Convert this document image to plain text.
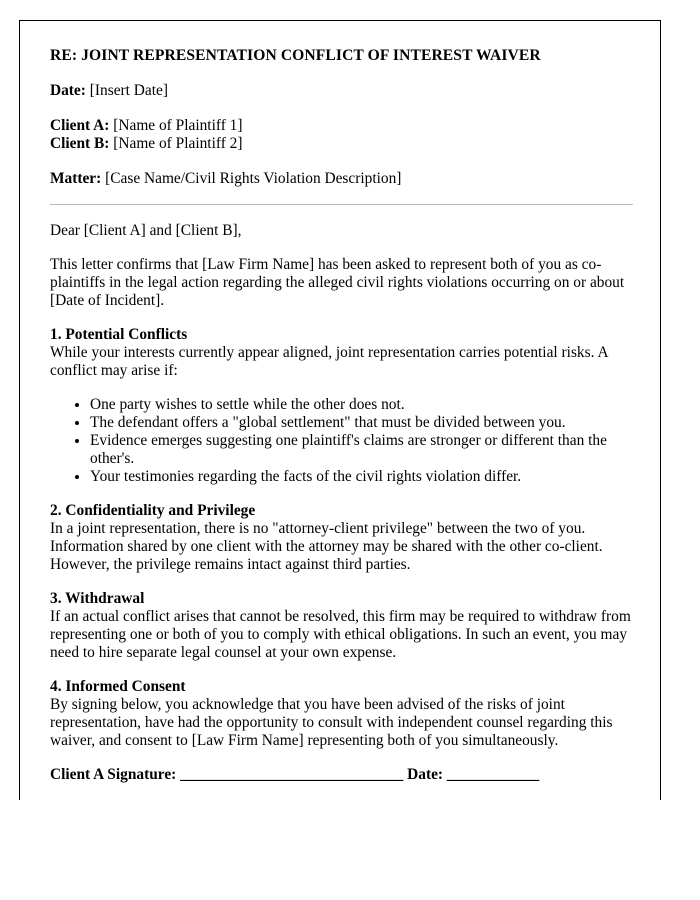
RE: JOINT REPRESENTATION CONFLICT OF INTEREST WAIVER

Date: [Insert Date]

Client A: [Name of Plaintiff 1]

Client B: [Name of Plaintiff 2]

Matter: [Case Name/Civil Rights Violation Description]

Dear [Client A] and [Client B],

This letter confirms that [Law Firm Name] has been asked to represent both of you as co-plaintiffs in the legal action regarding the alleged civil rights violations occurring on or about [Date of Incident].

1. Potential Conflicts
While your interests currently appear aligned, joint representation carries potential risks. A conflict may arise if:
• One party wishes to settle while the other does not.
• The defendant offers a "global settlement" that must be divided between you.
• Evidence emerges suggesting one plaintiff's claims are stronger or different than the other's.
• Your testimonies regarding the facts of the civil rights violation differ.
2. Confidentiality and Privilege
In a joint representation, there is no "attorney-client privilege" between the two of you. Information shared by one client with the attorney may be shared with the other co-client. However, the privilege remains intact against third parties.
3. Withdrawal
If an actual conflict arises that cannot be resolved, this firm may be required to withdraw from representing one or both of you to comply with ethical obligations. In such an event, you may need to hire separate legal counsel at your own expense.
4. Informed Consent
By signing below, you acknowledge that you have been advised of the risks of joint representation, have had the opportunity to consult with independent counsel regarding this waiver, and consent to [Law Firm Name] representing both of you simultaneously.

Client A Signature: _____________________________ Date: ____________
